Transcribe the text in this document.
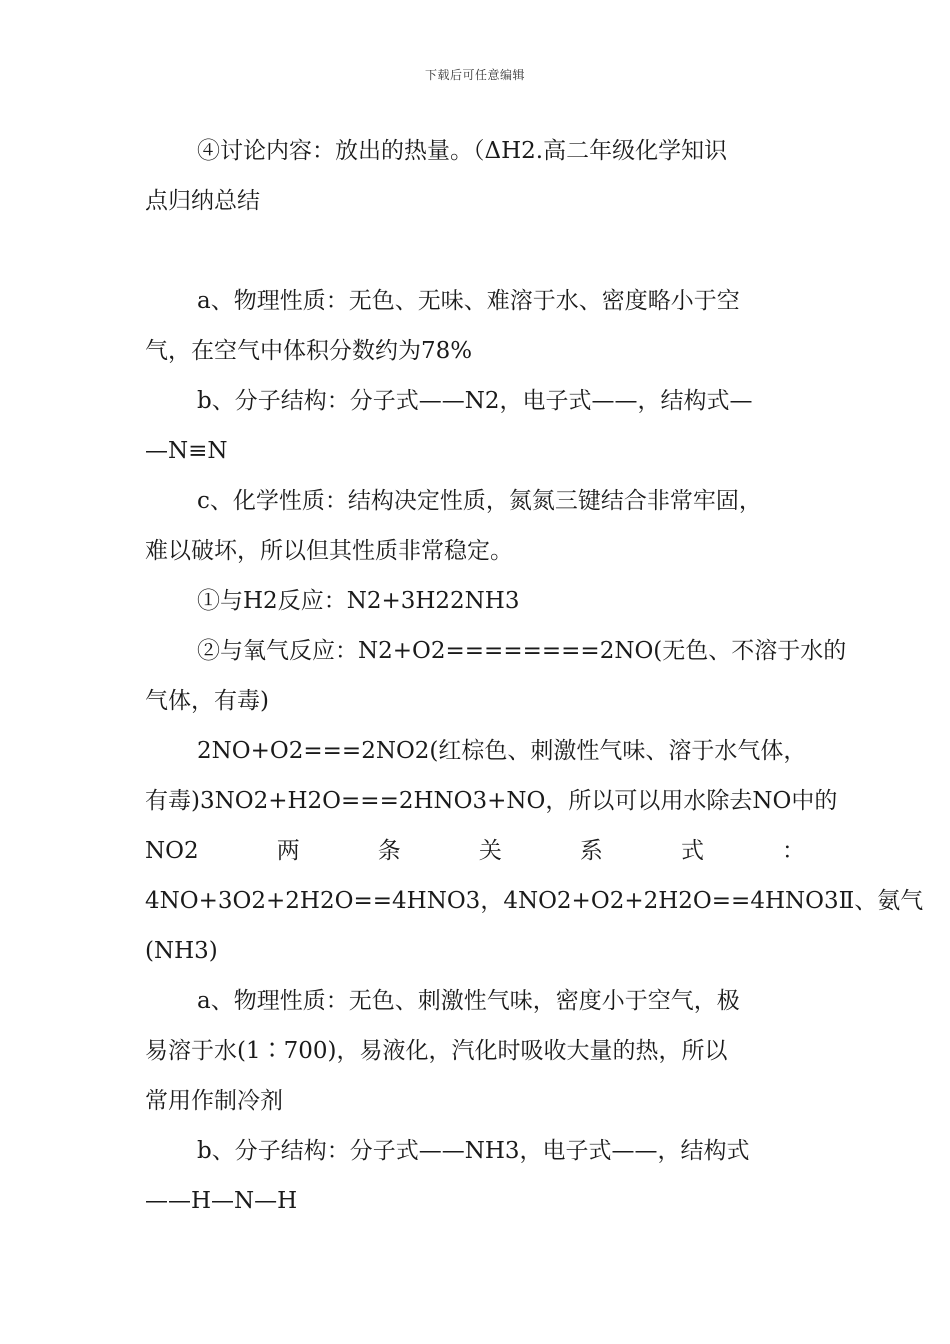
下载后可任意编辑
④讨论内容：放出的热量。（ΔH2.高二年级化学知识
点归纳总结
a、物理性质：无色、无味、难溶于水、密度略小于空
气，在空气中体积分数约为78%
b、分子结构：分子式——N2，电子式——，结构式—
—N≡N
c、化学性质：结构决定性质，氮氮三键结合非常牢固，
难以破坏，所以但其性质非常稳定。
①与H2反应：N2+3H22NH3
②与氧气反应：N2+O2========2NO(无色、不溶于水的
气体，有毒)
2NO+O2===2NO2(红棕色、刺激性气味、溶于水气体，
有毒)3NO2+H2O===2HNO3+NO，所以可以用水除去NO中的
NO2	两	条	关	系	式	：
4NO+3O2+2H2O==4HNO3 ， 4NO2+O2+2H2O==4HNO3Ⅱ 、 氨 气
(NH3)
a、物理性质：无色、刺激性气味，密度小于空气，极
易溶于水(1∶700)，易液化，汽化时吸收大量的热，所以
常用作制冷剂
b、分子结构：分子式——NH3，电子式——，结构式
——H—N—H
